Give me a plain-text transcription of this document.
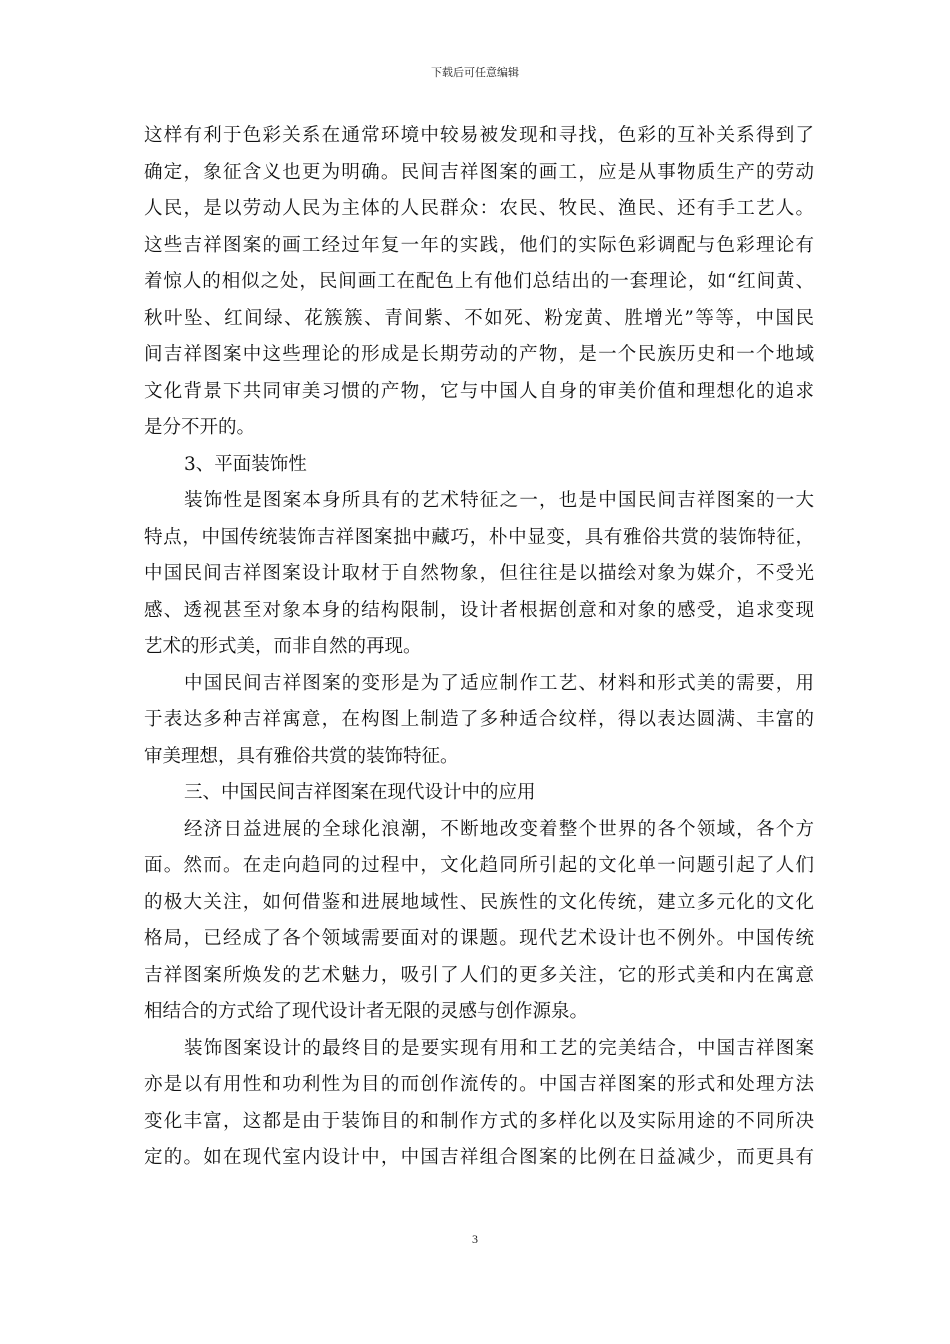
下载后可任意编辑
这样有利于色彩关系在通常环境中较易被发现和寻找，色彩的互补关系得到了
确定，象征含义也更为明确。民间吉祥图案的画工，应是从事物质生产的劳动
人民，是以劳动人民为主体的人民群众：农民、牧民、渔民、还有手工艺人。
这些吉祥图案的画工经过年复一年的实践，他们的实际色彩调配与色彩理论有
着惊人的相似之处，民间画工在配色上有他们总结出的一套理论，如“红间黄、
秋叶坠、红间绿、花簇簇、青间紫、不如死、粉宠黄、胜增光”等等，中国民
间吉祥图案中这些理论的形成是长期劳动的产物，是一个民族历史和一个地域
文化背景下共同审美习惯的产物，它与中国人自身的审美价值和理想化的追求
是分不开的。
3、平面装饰性
装饰性是图案本身所具有的艺术特征之一，也是中国民间吉祥图案的一大
特点，中国传统装饰吉祥图案拙中藏巧，朴中显变，具有雅俗共赏的装饰特征，
中国民间吉祥图案设计取材于自然物象，但往往是以描绘对象为媒介，不受光
感、透视甚至对象本身的结构限制，设计者根据创意和对象的感受，追求变现
艺术的形式美，而非自然的再现。
中国民间吉祥图案的变形是为了适应制作工艺、材料和形式美的需要，用
于表达多种吉祥寓意，在构图上制造了多种适合纹样，得以表达圆满、丰富的
审美理想，具有雅俗共赏的装饰特征。
三、中国民间吉祥图案在现代设计中的应用
经济日益进展的全球化浪潮，不断地改变着整个世界的各个领域，各个方
面。然而。在走向趋同的过程中，文化趋同所引起的文化单一问题引起了人们
的极大关注，如何借鉴和进展地域性、民族性的文化传统，建立多元化的文化
格局，已经成了各个领域需要面对的课题。现代艺术设计也不例外。中国传统
吉祥图案所焕发的艺术魅力，吸引了人们的更多关注，它的形式美和内在寓意
相结合的方式给了现代设计者无限的灵感与创作源泉。
装饰图案设计的最终目的是要实现有用和工艺的完美结合，中国吉祥图案
亦是以有用性和功利性为目的而创作流传的。中国吉祥图案的形式和处理方法
变化丰富，这都是由于装饰目的和制作方式的多样化以及实际用途的不同所决
定的。如在现代室内设计中，中国吉祥组合图案的比例在日益减少，而更具有
3
